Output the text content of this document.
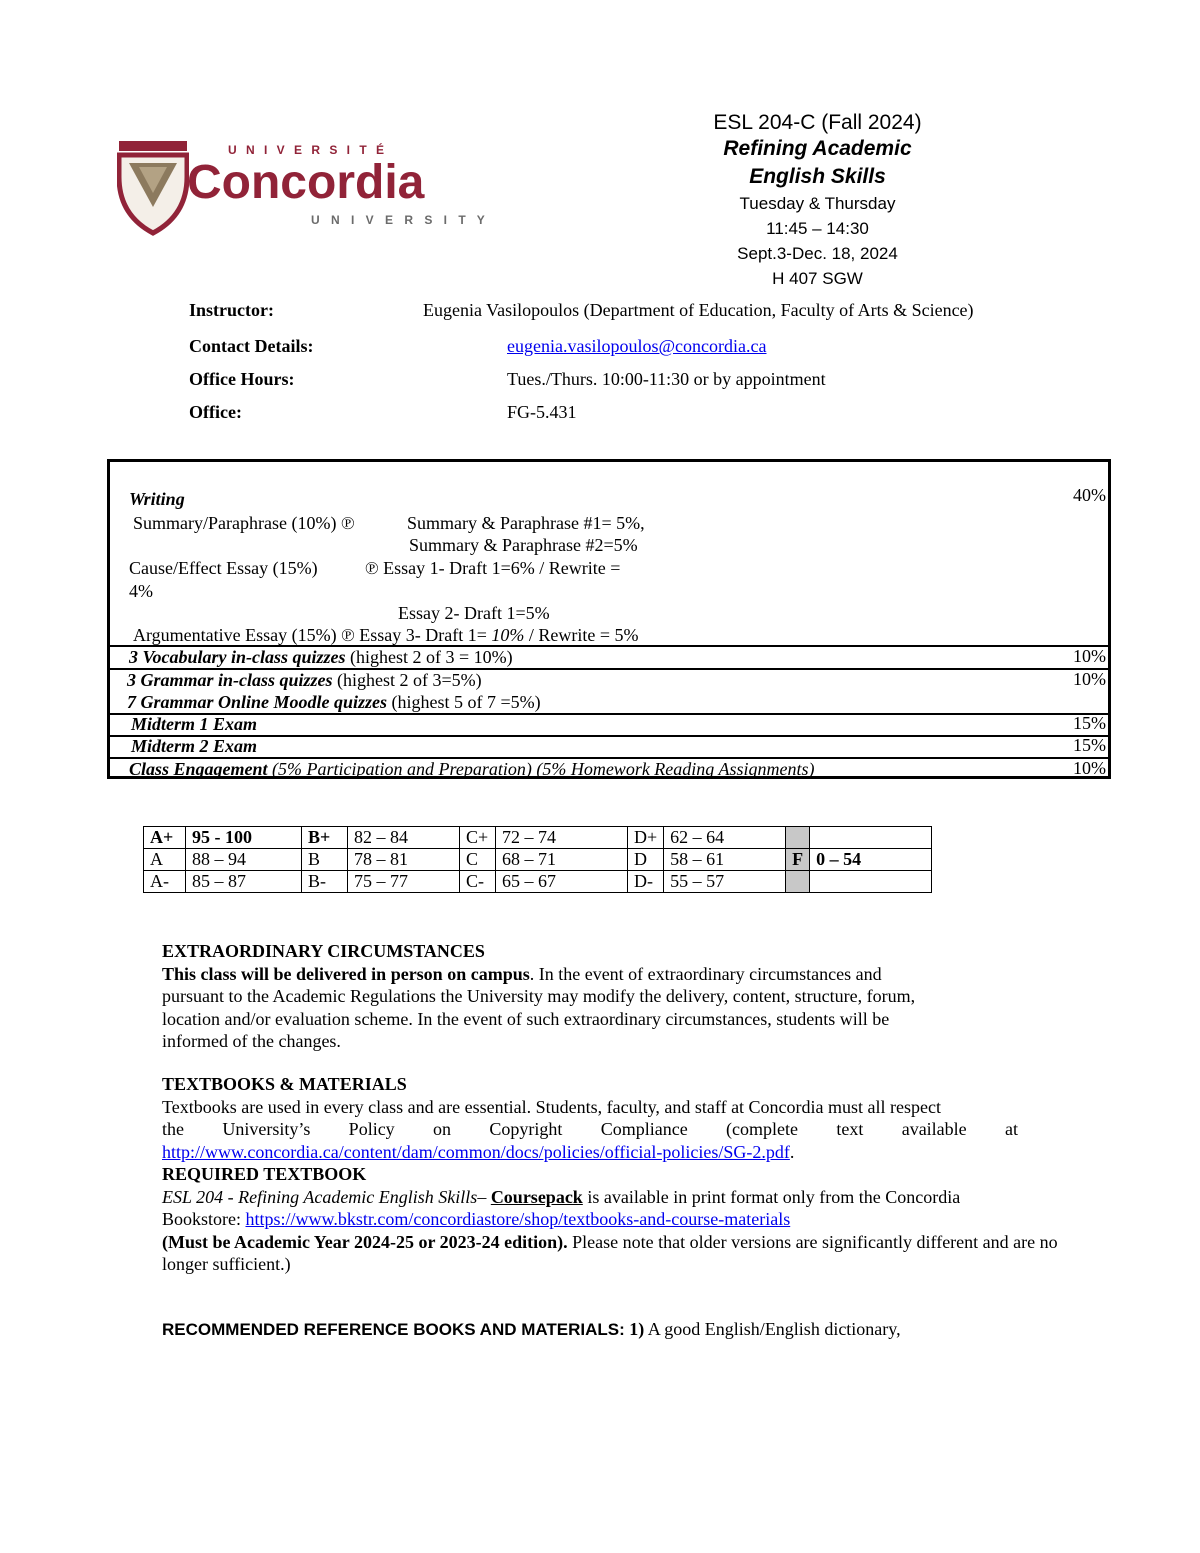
U N I V E R S I T É
Concordia
U N I V E R S I T Y
ESL 204-C (Fall 2024)
Refining Academic
English Skills
Tuesday & Thursday
11:45 – 14:30
Sept.3-Dec. 18, 2024
H 407 SGW
Instructor:	Eugenia Vasilopoulos (Department of Education, Faculty of Arts & Science)
Contact Details:	eugenia.vasilopoulos@concordia.ca
Office Hours:	Tues./Thurs. 10:00-11:30 or by appointment
Office:	FG-5.431
Writing	40%
Summary/Paraphrase (10%) ℗	Summary & Paraphrase #1= 5%,
Summary & Paraphrase #2=5%
Cause/Effect Essay (15%)	℗ Essay 1- Draft 1=6% / Rewrite =
4%
Essay 2- Draft 1=5%
Argumentative Essay (15%) ℗ Essay 3- Draft 1= 10% / Rewrite = 5%
3 Vocabulary in-class quizzes (highest 2 of 3 = 10%)	10%
3 Grammar in-class quizzes (highest 2 of 3=5%)	10%
7 Grammar Online Moodle quizzes (highest 5 of 7 =5%)
Midterm 1 Exam	15%
Midterm 2 Exam	15%
Class Engagement (5% Participation and Preparation) (5% Homework Reading Assignments)	10%
A+	95 - 100	B+	82 – 84	C+	72 – 74	D+	62 – 64		
A	88 – 94	B	78 – 81	C	68 – 71	D	58 – 61	F	0 – 54
A-	85 – 87	B-	75 – 77	C-	65 – 67	D-	55 – 57		
EXTRAORDINARY CIRCUMSTANCES
This class will be delivered in person on campus. In the event of extraordinary circumstances and
pursuant to the Academic Regulations the University may modify the delivery, content, structure, forum,
location and/or evaluation scheme. In the event of such extraordinary circumstances, students will be
informed of the changes.
TEXTBOOKS & MATERIALS
Textbooks are used in every class and are essential. Students, faculty, and staff at Concordia must all respect
the University’s Policy on Copyright Compliance (complete text available at
http://www.concordia.ca/content/dam/common/docs/policies/official-policies/SG-2.pdf.
REQUIRED TEXTBOOK
ESL 204 - Refining Academic English Skills– Coursepack is available in print format only from the Concordia
Bookstore: https://www.bkstr.com/concordiastore/shop/textbooks-and-course-materials
(Must be Academic Year 2024-25 or 2023-24 edition). Please note that older versions are significantly different and are no
longer sufficient.)
RECOMMENDED REFERENCE BOOKS AND MATERIALS: 1) A good English/English dictionary,
